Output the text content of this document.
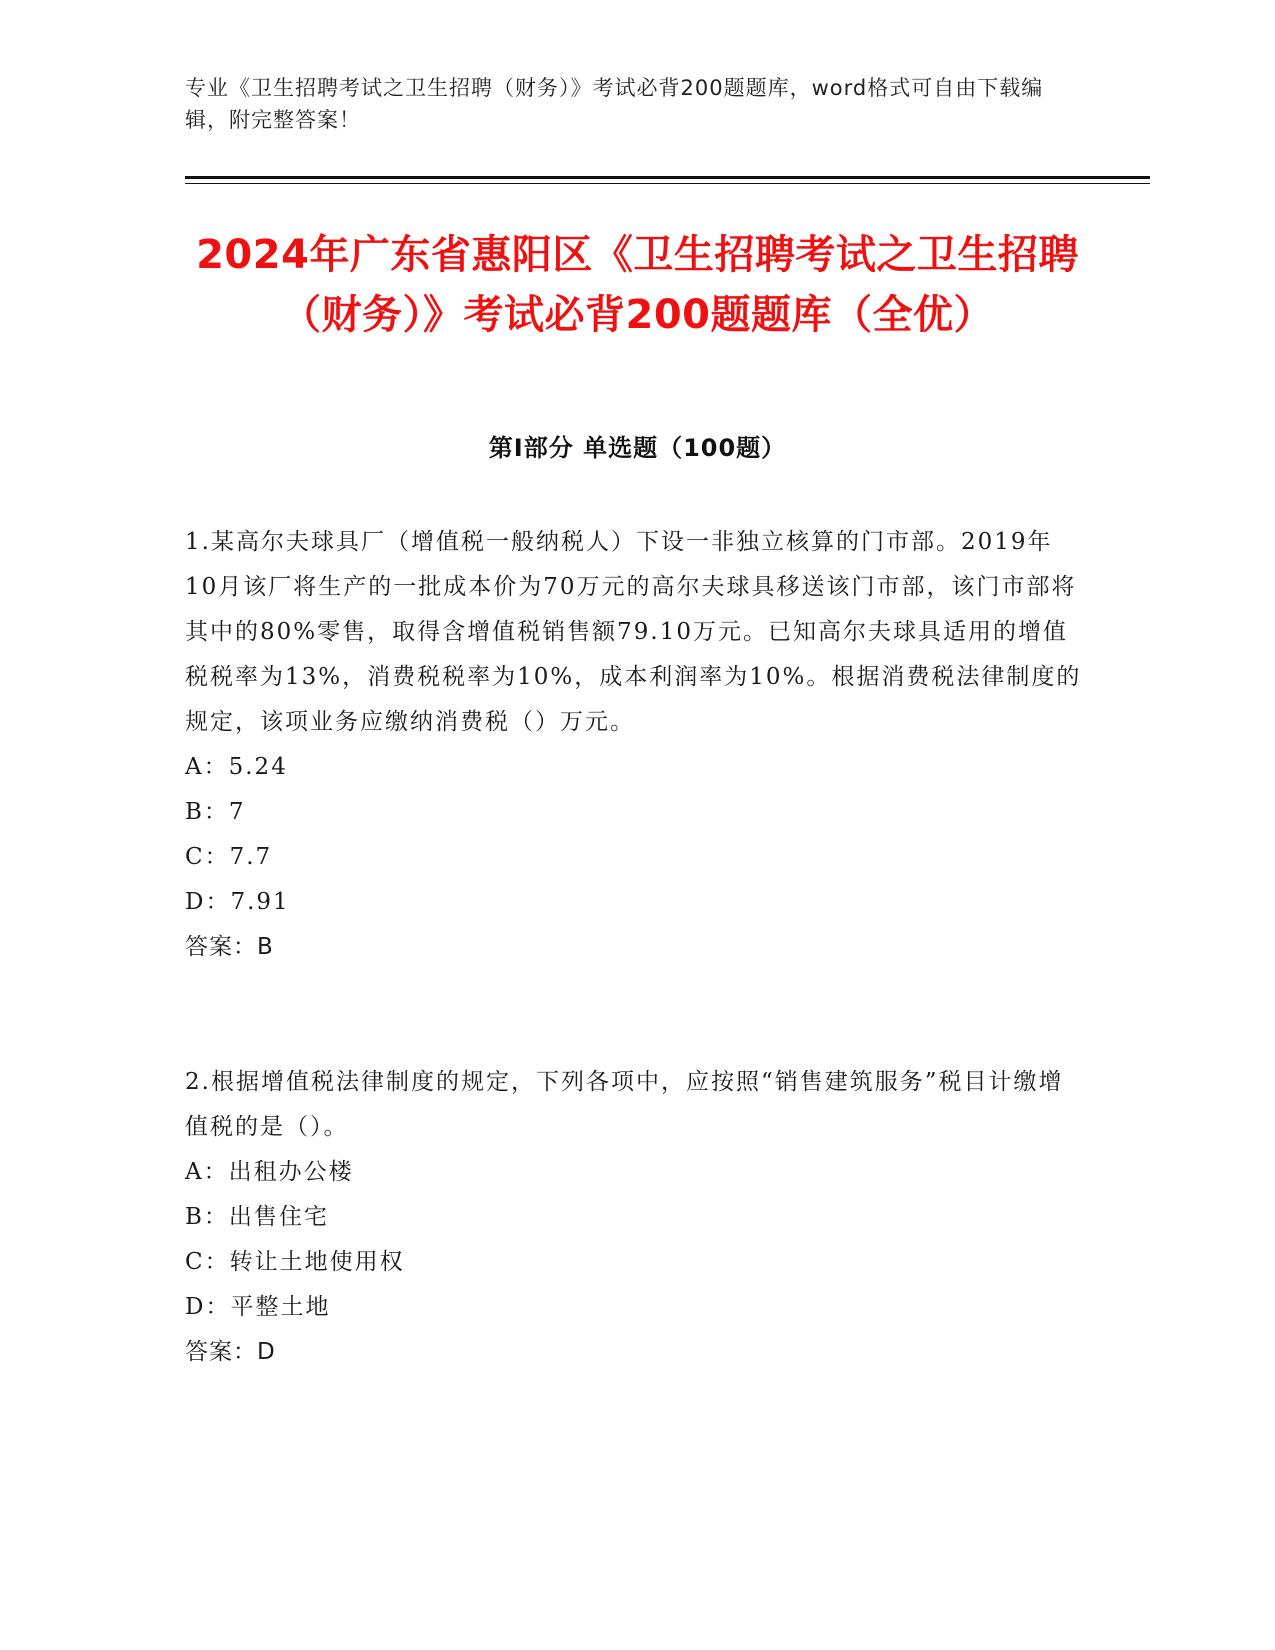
专业《卫生招聘考试之卫生招聘（财务）》考试必背200题题库，word格式可自由下载编辑，附完整答案！
2024年广东省惠阳区《卫生招聘考试之卫生招聘（财务）》考试必背200题题库（全优）
第I部分 单选题（100题）

1.某高尔夫球具厂（增值税一般纳税人）下设一非独立核算的门市部。2019年10月该厂将生产的一批成本价为70万元的高尔夫球具移送该门市部，该门市部将其中的80%零售，取得含增值税销售额79.10万元。已知高尔夫球具适用的增值税税率为13%，消费税税率为10%，成本利润率为10%。根据消费税法律制度的规定，该项业务应缴纳消费税（）万元。

A：5.24

B：7

C：7.7

D：7.91

答案：B

2.根据增值税法律制度的规定，下列各项中，应按照“销售建筑服务”税目计缴增值税的是（）。

A：出租办公楼

B：出售住宅

C：转让土地使用权

D：平整土地

答案：D
